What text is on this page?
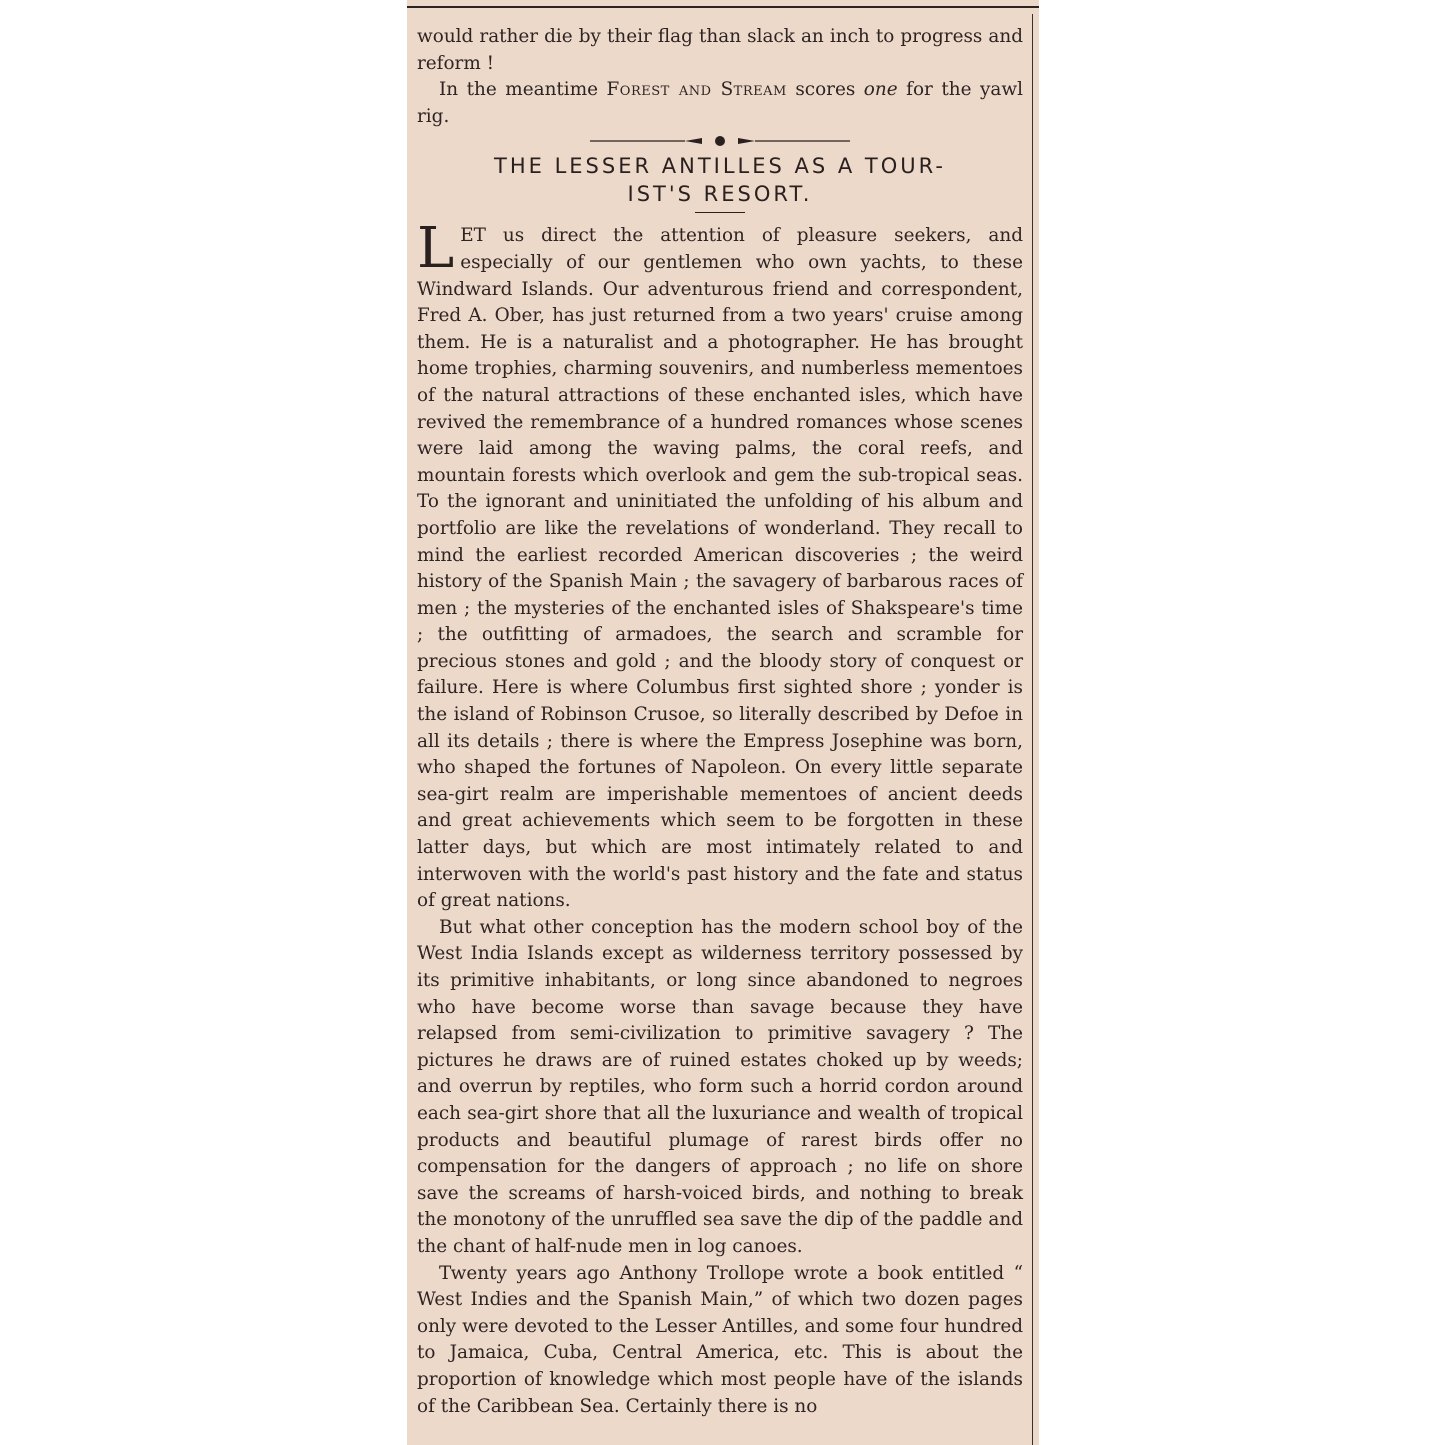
would rather die by their flag than slack an inch to progress and reform !

In the meantime Forest and Stream scores one for the yawl rig.

THE LESSER ANTILLES AS A TOUR-
IST'S RESORT.

LET us direct the attention of pleasure seekers, and especially of our gentlemen who own yachts, to these Windward Islands. Our adventurous friend and correspondent, Fred A. Ober, has just returned from a two years' cruise among them. He is a naturalist and a photographer. He has brought home trophies, charming souvenirs, and numberless mementoes of the natural attractions of these enchanted isles, which have revived the remembrance of a hundred romances whose scenes were laid among the waving palms, the coral reefs, and mountain forests which overlook and gem the sub-tropical seas. To the ignorant and uninitiated the unfolding of his album and portfolio are like the revelations of wonderland. They recall to mind the earliest recorded American discoveries ; the weird history of the Spanish Main ; the savagery of barbarous races of men ; the mysteries of the enchanted isles of Shakspeare's time ; the outfitting of armadoes, the search and scramble for precious stones and gold ; and the bloody story of conquest or failure. Here is where Columbus first sighted shore ; yonder is the island of Robinson Crusoe, so literally described by Defoe in all its details ; there is where the Empress Josephine was born, who shaped the fortunes of Napoleon. On every little separate sea-girt realm are imperishable mementoes of ancient deeds and great achievements which seem to be forgotten in these latter days, but which are most intimately related to and interwoven with the world's past history and the fate and status of great nations.

But what other conception has the modern school boy of the West India Islands except as wilderness territory possessed by its primitive inhabitants, or long since abandoned to negroes who have become worse than savage because they have relapsed from semi-civilization to primitive savagery ? The pictures he draws are of ruined estates choked up by weeds; and overrun by reptiles, who form such a horrid cordon around each sea-girt shore that all the luxuriance and wealth of tropical products and beautiful plumage of rarest birds offer no compensation for the dangers of approach ; no life on shore save the screams of harsh-voiced birds, and nothing to break the monotony of the unruffled sea save the dip of the paddle and the chant of half-nude men in log canoes.

Twenty years ago Anthony Trollope wrote a book entitled “ West Indies and the Spanish Main,” of which two dozen pages only were devoted to the Lesser Antilles, and some four hundred to Jamaica, Cuba, Central America, etc. This is about the proportion of knowledge which most people have of the islands of the Caribbean Sea. Certainly there is no
